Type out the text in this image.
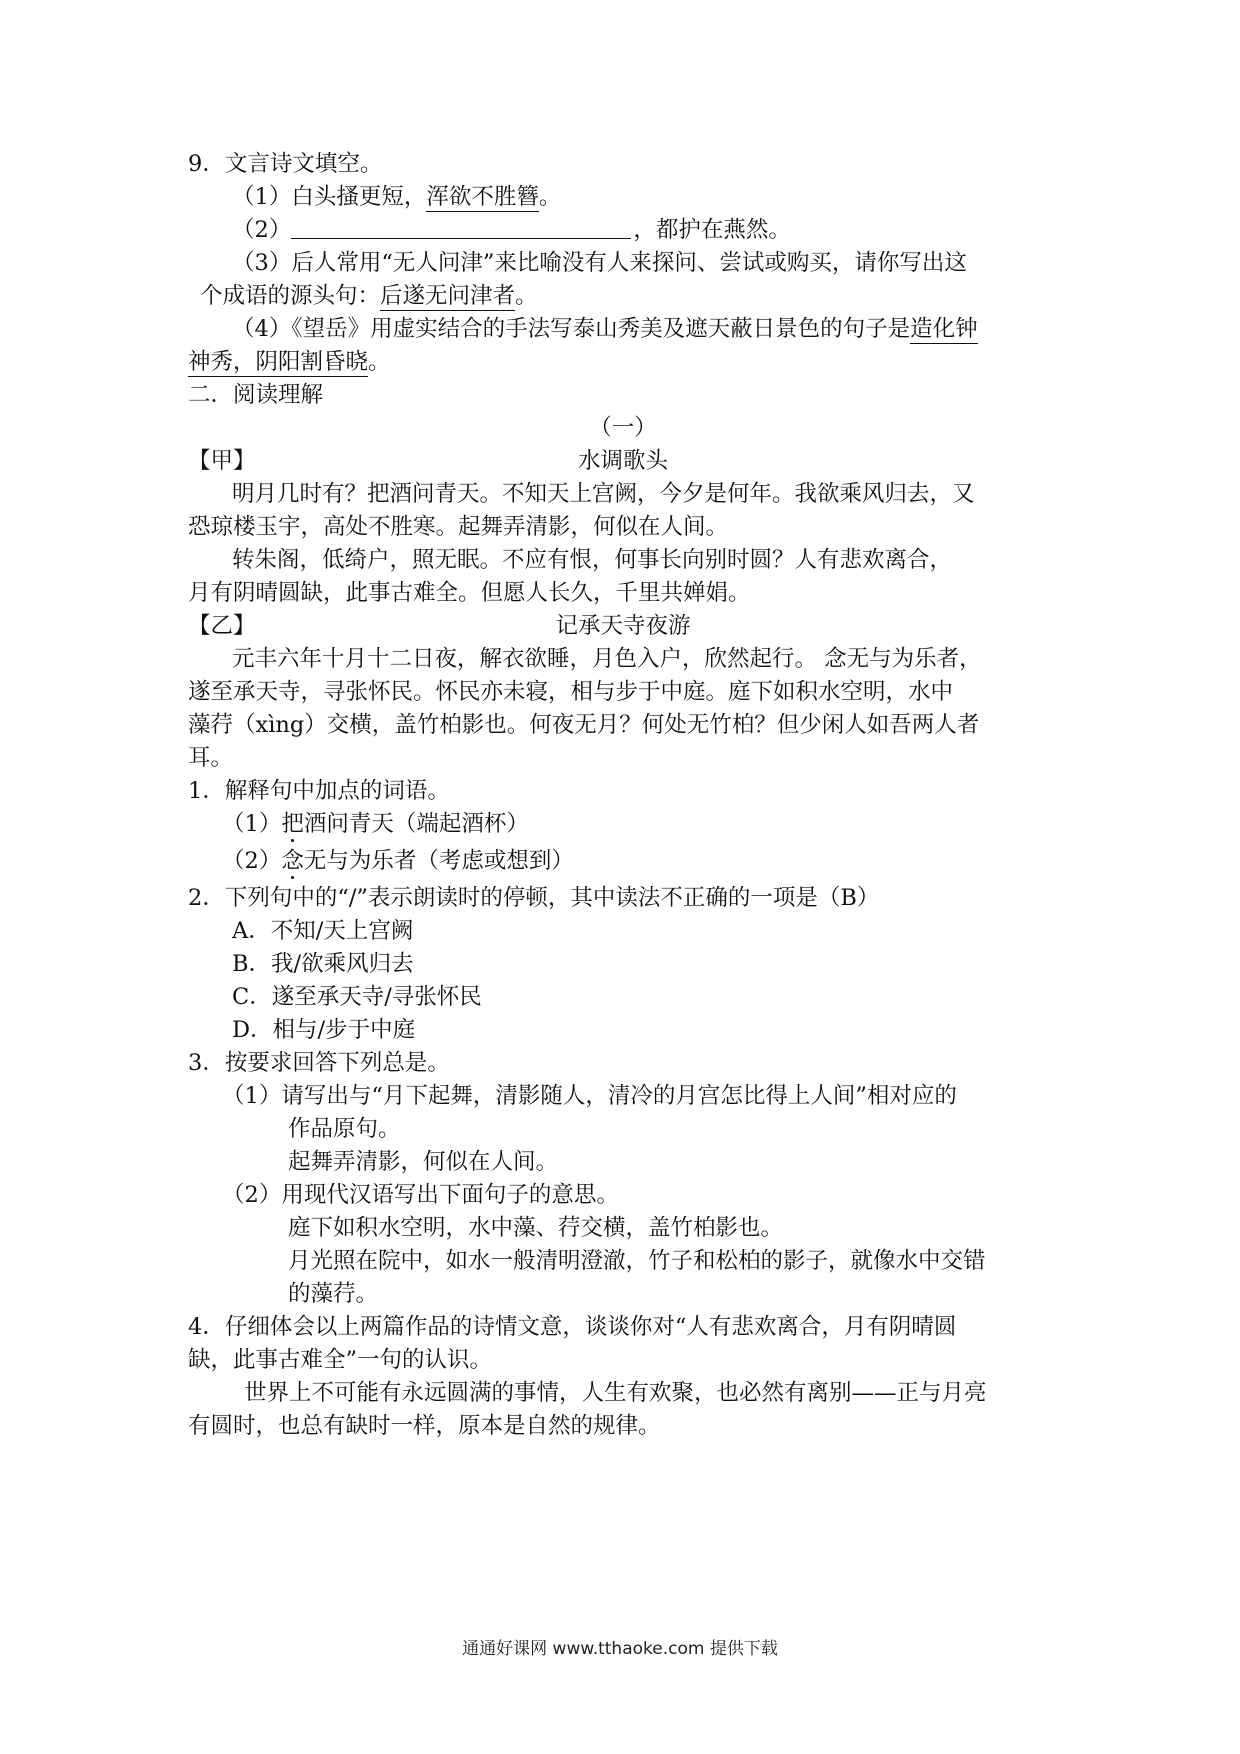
9．文言诗文填空。
（1）白头搔更短，浑欲不胜簪。
（2）	，都护在燕然。
（3）后人常用“无人问津”来比喻没有人来探问、尝试或购买，请你写出这
个成语的源头句：后遂无问津者。
（4）《望岳》用虚实结合的手法写泰山秀美及遮天蔽日景色的句子是造化钟
神秀，阴阳割昏晓。
二．阅读理解
（一）
【甲】	水调歌头
明月几时有？把酒问青天。不知天上宫阙，今夕是何年。我欲乘风归去，又
恐琼楼玉宇，高处不胜寒。起舞弄清影，何似在人间。
转朱阁，低绮户，照无眠。不应有恨，何事长向别时圆？人有悲欢离合，
月有阴晴圆缺，此事古难全。但愿人长久，千里共婵娟。
【乙】	记承天寺夜游
元丰六年十月十二日夜，解衣欲睡，月色入户，欣然起行。 念无与为乐者，
遂至承天寺，寻张怀民。怀民亦未寝，相与步于中庭。庭下如积水空明，水中
藻荇（xìng）交横，盖竹柏影也。何夜无月？何处无竹柏？但少闲人如吾两人者
耳。
1．解释句中加点的词语。
（1）把酒问青天（端起酒杯）
（2）念无与为乐者（考虑或想到）
2．下列句中的“/”表示朗读时的停顿，其中读法不正确的一项是（B）
A．不知/天上宫阙
B．我/欲乘风归去
C．遂至承天寺/寻张怀民
D．相与/步于中庭
3．按要求回答下列总是。
（1）请写出与“月下起舞，清影随人，清冷的月宫怎比得上人间”相对应的
作品原句。
起舞弄清影，何似在人间。
（2）用现代汉语写出下面句子的意思。
庭下如积水空明，水中藻、荇交横，盖竹柏影也。
月光照在院中，如水一般清明澄澈，竹子和松柏的影子，就像水中交错
的藻荇。
4．仔细体会以上两篇作品的诗情文意，谈谈你对“人有悲欢离合，月有阴晴圆
缺，此事古难全”一句的认识。
世界上不可能有永远圆满的事情，人生有欢聚，也必然有离别——正与月亮
有圆时，也总有缺时一样，原本是自然的规律。
通通好课网 www.tthaoke.com 提供下载
